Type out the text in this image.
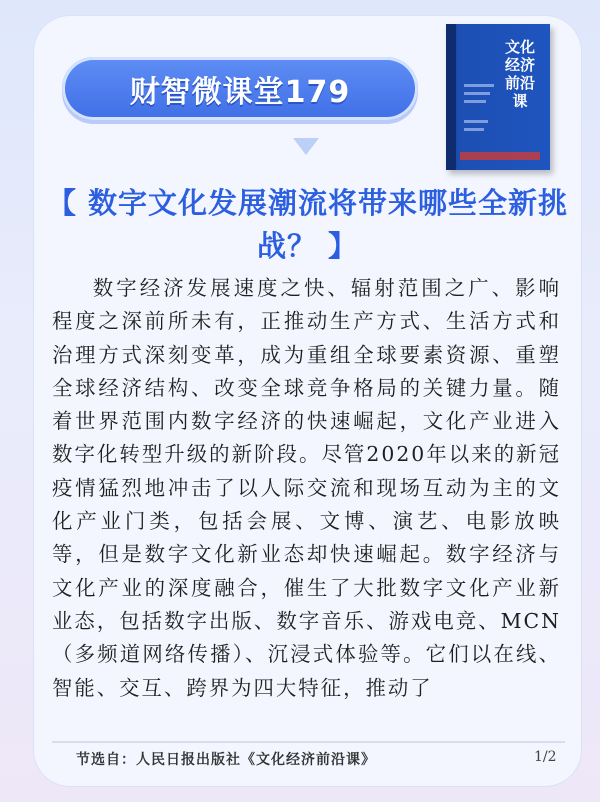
财智微课堂179
文化经济前沿课
【 数字文化发展潮流将带来哪些全新挑战？ 】
数字经济发展速度之快、辐射范围之广、影响程度之深前所未有，正推动生产方式、生活方式和治理方式深刻变革，成为重组全球要素资源、重塑全球经济结构、改变全球竞争格局的关键力量。随着世界范围内数字经济的快速崛起，文化产业进入数字化转型升级的新阶段。尽管2020年以来的新冠疫情猛烈地冲击了以人际交流和现场互动为主的文化产业门类，包括会展、文博、演艺、电影放映等，但是数字文化新业态却快速崛起。数字经济与文化产业的深度融合，催生了大批数字文化产业新业态，包括数字出版、数字音乐、游戏电竞、MCN（多频道网络传播）、沉浸式体验等。它们以在线、智能、交互、跨界为四大特征，推动了
节选自：人民日报出版社《文化经济前沿课》	1/2
